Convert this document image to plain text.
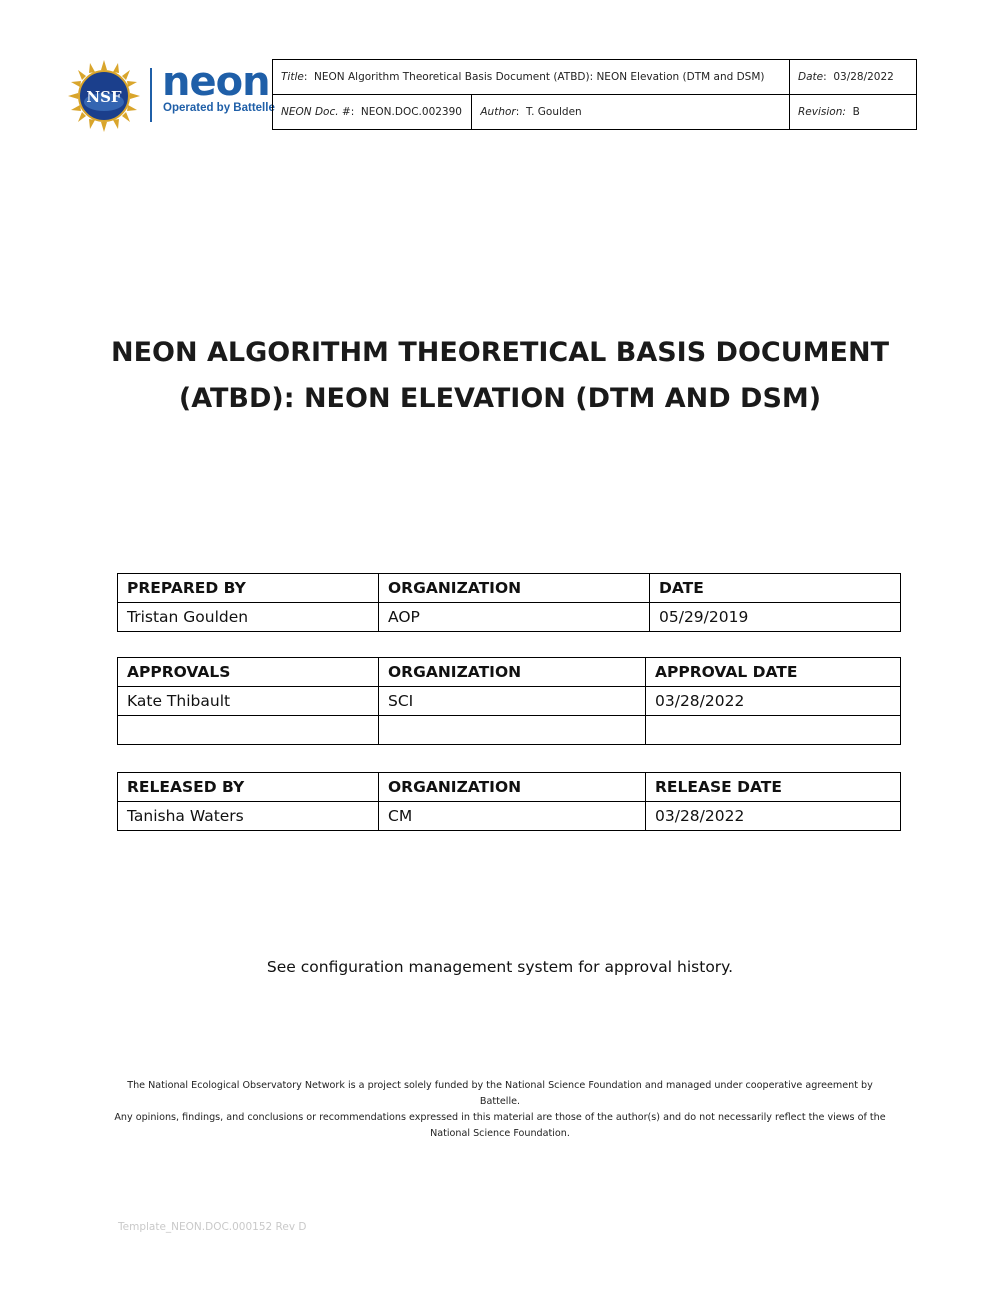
NSF neon
Operated by Battelle
Title:  NEON Algorithm Theoretical Basis Document (ATBD): NEON Elevation (DTM and DSM)		Date:  03/28/2022
NEON Doc. #:  NEON.DOC.002390	Author:  T. Goulden	Revision: B
NEON ALGORITHM THEORETICAL BASIS DOCUMENT
(ATBD): NEON ELEVATION (DTM AND DSM)
PREPARED BY	ORGANIZATION	DATE
Tristan Goulden	AOP	05/29/2019
APPROVALS	ORGANIZATION	APPROVAL DATE
Kate Thibault	SCI	03/28/2022

RELEASED BY	ORGANIZATION	RELEASE DATE
Tanisha Waters	CM	03/28/2022
See configuration management system for approval history.
The National Ecological Observatory Network is a project solely funded by the National Science Foundation and managed under cooperative agreement by Battelle.
Any opinions, findings, and conclusions or recommendations expressed in this material are those of the author(s) and do not necessarily reflect the views of the
National Science Foundation.
Template_NEON.DOC.000152 Rev D
